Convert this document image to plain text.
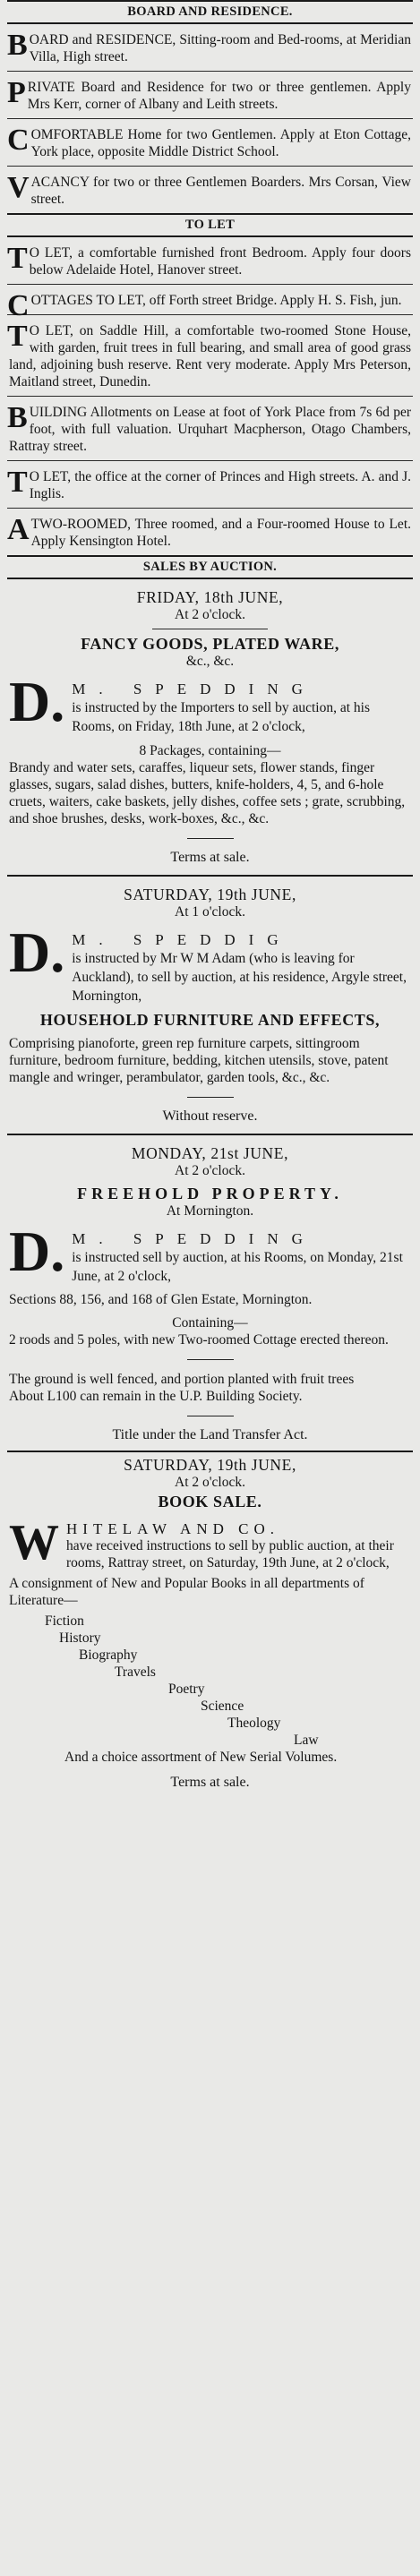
BOARD AND RESIDENCE.
BOARD and RESIDENCE, Sitting-room and Bed-rooms, at Meridian Villa, High street.
PRIVATE Board and Residence for two or three gentlemen. Apply Mrs Kerr, corner of Albany and Leith streets.
COMFORTABLE Home for two Gentlemen. Apply at Eton Cottage, York place, opposite Middle District School.
VACANCY for two or three Gentlemen Boarders. Mrs Corsan, View street.
TO LET
T O LET, a comfortable furnished front Bedroom. Apply four doors below Adelaide Hotel, Hanover street.
COTTAGES TO LET, off Forth street Bridge. Apply H. S. Fish, jun.
T O LET, on Saddle Hill, a comfortable two-roomed Stone House, with garden, fruit trees in full bearing, and small area of good grass land, adjoining bush reserve. Rent very moderate. Apply Mrs Peterson, Maitland street, Dunedin.
BUILDING Allotments on Lease at foot of York Place from 7s 6d per foot, with full valuation. Urquhart Macpherson, Otago Chambers, Rattray street.
T O LET, the office at the corner of Princes and High streets. A. and J. Inglis.
A TWO-ROOMED, Three roomed, and a Four-roomed House to Let. Apply Kensington Hotel.
SALES BY AUCTION.
FRIDAY, 18th JUNE,
At 2 o'clock.
FANCY GOODS, PLATED WARE,
&c., &c.
D. M. SPEDDING
is instructed by the Importers to sell by auction, at his Rooms, on Friday, 18th June, at 2 o'clock,
8 Packages, containing—
Brandy and water sets, caraffes, liqueur sets, flower stands, finger glasses, sugars, salad dishes, butters, knife-holders, 4, 5, and 6-hole cruets, waiters, cake baskets, jelly dishes, coffee sets ; grate, scrubbing, and shoe brushes, desks, work-boxes, &c., &c.
Terms at sale.
SATURDAY, 19th JUNE,
At 1 o'clock.
D. M. SPEDDIG
is instructed by Mr W M Adam (who is leaving for Auckland), to sell by auction, at his residence, Argyle street, Mornington,
HOUSEHOLD FURNITURE AND EFFECTS,
Comprising pianoforte, green rep furniture carpets, sittingroom furniture, bedroom furniture, bedding, kitchen utensils, stove, patent mangle and wringer, perambulator, garden tools, &c., &c.
Without reserve.
MONDAY, 21st JUNE,
At 2 o'clock.
FREEHOLD PROPERTY.
At Mornington.
D. M. SPEDDING
is instructed sell by auction, at his Rooms, on Monday, 21st June, at 2 o'clock,
Sections 88, 156, and 168 of Glen Estate, Mornington.
Containing—
2 roods and 5 poles, with new Two-roomed Cottage erected thereon.
The ground is well fenced, and portion planted with fruit trees
About L100 can remain in the U.P. Building Society.
Title under the Land Transfer Act.
SATURDAY, 19th JUNE,
At 2 o'clock.
BOOK SALE.
W HITELAW AND CO.
have received instructions to sell by public auction, at their rooms, Rattray street, on Saturday, 19th June, at 2 o'clock,
A consignment of New and Popular Books in all departments of Literature—
Fiction
History
Biography
Travels
Poetry
Science
Theology
Law
And a choice assortment of New Serial Volumes.
Terms at sale.
